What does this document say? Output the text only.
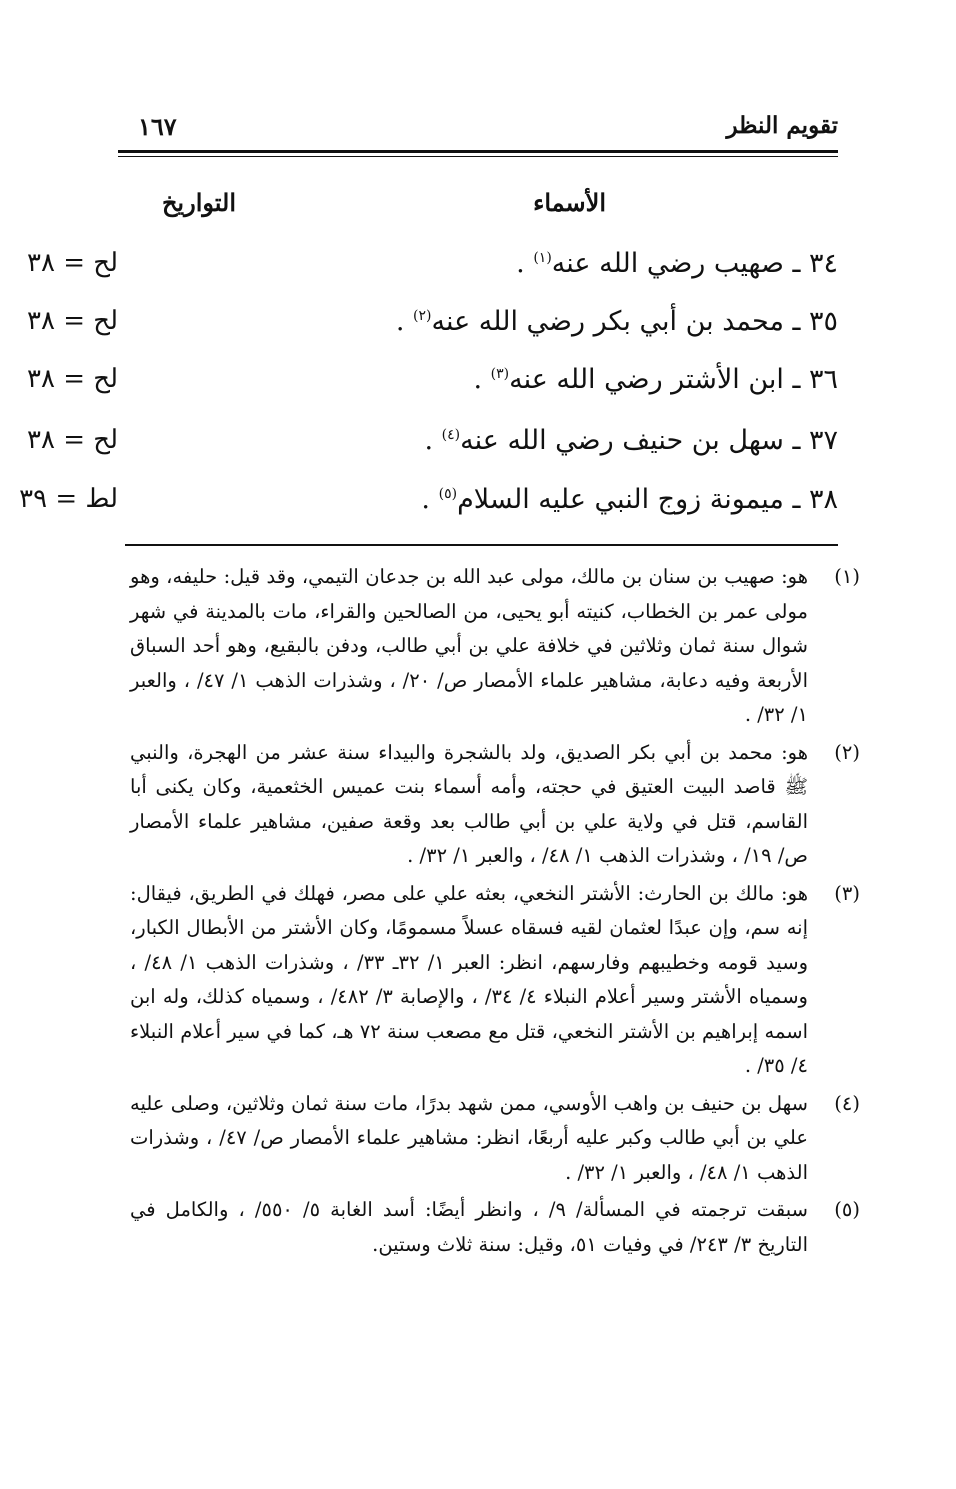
تقويم النظر
١٦٧
الأسماء
التواريخ
٣٤ ـ صهيب رضي الله عنه$^{(١)}$ .
لح = ٣٨
٣٥ ـ محمد بن أبي بكر رضي الله عنه$^{(٢)}$ .
لح = ٣٨
٣٦ ـ ابن الأشتر رضي الله عنه$^{(٣)}$ .
لح = ٣٨
٣٧ ـ سهل بن حنيف رضي الله عنه$^{(٤)}$ .
لح = ٣٨
٣٨ ـ ميمونة زوج النبي عليه السلام$^{(٥)}$ .
لط = ٣٩
(١)
هو: صهيب بن سنان بن مالك، مولى عبد الله بن جدعان التيمي، وقد قيل: حليفه، وهو مولى عمر بن الخطاب، كنيته أبو يحيى، من الصالحين والقراء، مات بالمدينة في شهر شوال سنة ثمان وثلاثين في خلافة علي بن أبي طالب، ودفن بالبقيع، وهو أحد السباق الأربعة وفيه دعابة، مشاهير علماء الأمصار ص/ ٢٠/ ، وشذرات الذهب ١/ ٤٧/ ، والعبر ١/ ٣٢/ .
(٢)
هو: محمد بن أبي بكر الصديق، ولد بالشجرة والبيداء سنة عشر من الهجرة، والنبي ﷺ قاصد البيت العتيق في حجته، وأمه أسماء بنت عميس الخثعمية، وكان يكنى أبا القاسم، قتل في ولاية علي بن أبي طالب بعد وقعة صفين، مشاهير علماء الأمصار ص/ ١٩/ ، وشذرات الذهب ١/ ٤٨/ ، والعبر ١/ ٣٢/ .
(٣)
هو: مالك بن الحارث: الأشتر النخعي، بعثه علي على مصر، فهلك في الطريق، فيقال: إنه سم، وإن عبدًا لعثمان لقيه فسقاه عسلاً مسمومًا، وكان الأشتر من الأبطال الكبار، وسيد قومه وخطيبهم وفارسهم، انظر: العبر ١/ ٣٢ـ ٣٣/ ، وشذرات الذهب ١/ ٤٨/ ، وسمياه الأشتر وسير أعلام النبلاء ٤/ ٣٤/ ، والإصابة ٣/ ٤٨٢/ ، وسمياه كذلك، وله ابن اسمه إبراهيم بن الأشتر النخعي، قتل مع مصعب سنة ٧٢ هـ، كما في سير أعلام النبلاء ٤/ ٣٥/ .
(٤)
سهل بن حنيف بن واهب الأوسي، ممن شهد بدرًا، مات سنة ثمان وثلاثين، وصلى عليه علي بن أبي طالب وكبر عليه أربعًا، انظر: مشاهير علماء الأمصار ص/ ٤٧/ ، وشذرات الذهب ١/ ٤٨/ ، والعبر ١/ ٣٢/ .
(٥)
سبقت ترجمته في المسألة/ ٩/ ، وانظر أيضًا: أسد الغابة ٥/ ٥٥٠/ ، والكامل في التاريخ ٣/ ٢٤٣/ في وفيات ٥١، وقيل: سنة ثلاث وستين.
